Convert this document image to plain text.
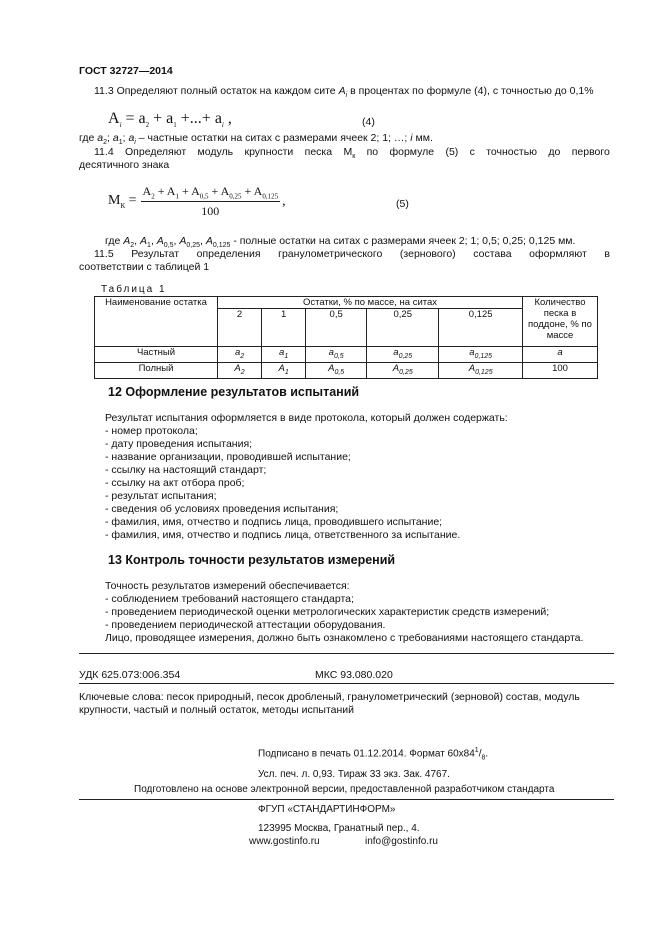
ГОСТ 32727—2014
11.3 Определяют полный остаток на каждом сите $A_i$ в процентах по формуле (4), с точностью до 0,1%
$A_i = a_2 + a_1$ +...+ $a_i$ ,	(4)
где $a_2$; $a_1$; $a_i$ – частные остатки на ситах с размерами ячеек 2; 1; …; i мм.
11.4 Определяют модуль крупности песка $М_к$ по формуле (5) с точностью до первого
десятичного знака
$M_К = \frac{A_2 + A_1 + A_{0,5} + A_{0,25} + A_{0,125}}{100}$ ,	(5)
где $A_2$, $A_1$, $A_{0,5}$, $A_{0,25}$, $A_{0,125}$ - полные остатки на ситах с размерами ячеек 2; 1; 0,5; 0,25; 0,125 мм.
11.5 Результат определения гранулометрического (зернового) состава оформляют в
соответствии с таблицей 1
Таблица 1
Наименование остатка	Остатки, % по массе, на ситах					Количество песка в поддоне, % по массе
	2	1	0,5	0,25	0,125	
Частный	$a_2$	$a_1$	$a_{0,5}$	$a_{0,25}$	$a_{0,125}$	a
Полный	$A_2$	$A_1$	$A_{0,5}$	$A_{0,25}$	$A_{0,125}$	100
12 Оформление результатов испытаний
Результат испытания оформляется в виде протокола, который должен содержать:
- номер протокола;
- дату проведения испытания;
- название организации, проводившей испытание;
- ссылку на настоящий стандарт;
- ссылку на акт отбора проб;
- результат испытания;
- сведения об условиях проведения испытания;
- фамилия, имя, отчество и подпись лица, проводившего испытание;
- фамилия, имя, отчество и подпись лица, ответственного за испытание.
13 Контроль точности результатов измерений
Точность результатов измерений обеспечивается:
- соблюдением требований настоящего стандарта;
- проведением периодической оценки метрологических характеристик средств измерений;
- проведением периодической аттестации оборудования.
Лицо, проводящее измерения, должно быть ознакомлено с требованиями настоящего стандарта.
УДК 625.073:006.354	МКС 93.080.020
Ключевые слова: песок природный, песок дробленый, гранулометрический (зерновой) состав, модуль
крупности, частый и полный остаток, методы испытаний
Подписано в печать 01.12.2014. Формат $60x84^1/_8$.
Усл. печ. л. 0,93. Тираж 33 экз. Зак. 4767.
Подготовлено на основе электронной версии, предоставленной разработчиком стандарта
ФГУП «СТАНДАРТИНФОРМ»
123995 Москва, Гранатный пер., 4.
www.gostinfo.ru	info@gostinfo.ru
